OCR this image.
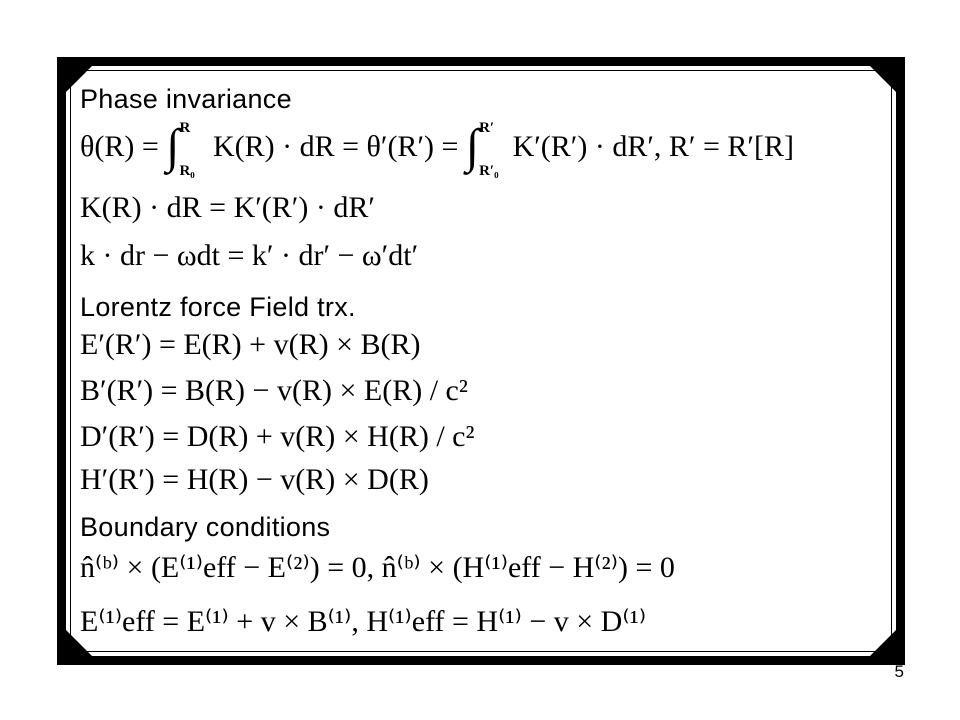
Phase invariance
θ(R) = ∫ R
R₀
K(R) · dR = θ′(R′) = ∫ R′
R′₀
K′(R′) · dR′, R′ = R′[R]
K(R) · dR = K′(R′) · dR′
k · dr − ωdt = k′ · dr′ − ω′dt′
Lorentz force Field trx.
E′(R′) = E(R) + v(R) × B(R)
B′(R′) = B(R) − v(R) × E(R) / c²
D′(R′) = D(R) + v(R) × H(R) / c²
H′(R′) = H(R) − v(R) × D(R)
Boundary conditions
n̂⁽ᵇ⁾ × (E⁽¹⁾eff − E⁽²⁾) = 0, n̂⁽ᵇ⁾ × (H⁽¹⁾eff − H⁽²⁾) = 0
E⁽¹⁾eff = E⁽¹⁾ + v × B⁽¹⁾, H⁽¹⁾eff = H⁽¹⁾ − v × D⁽¹⁾
5
